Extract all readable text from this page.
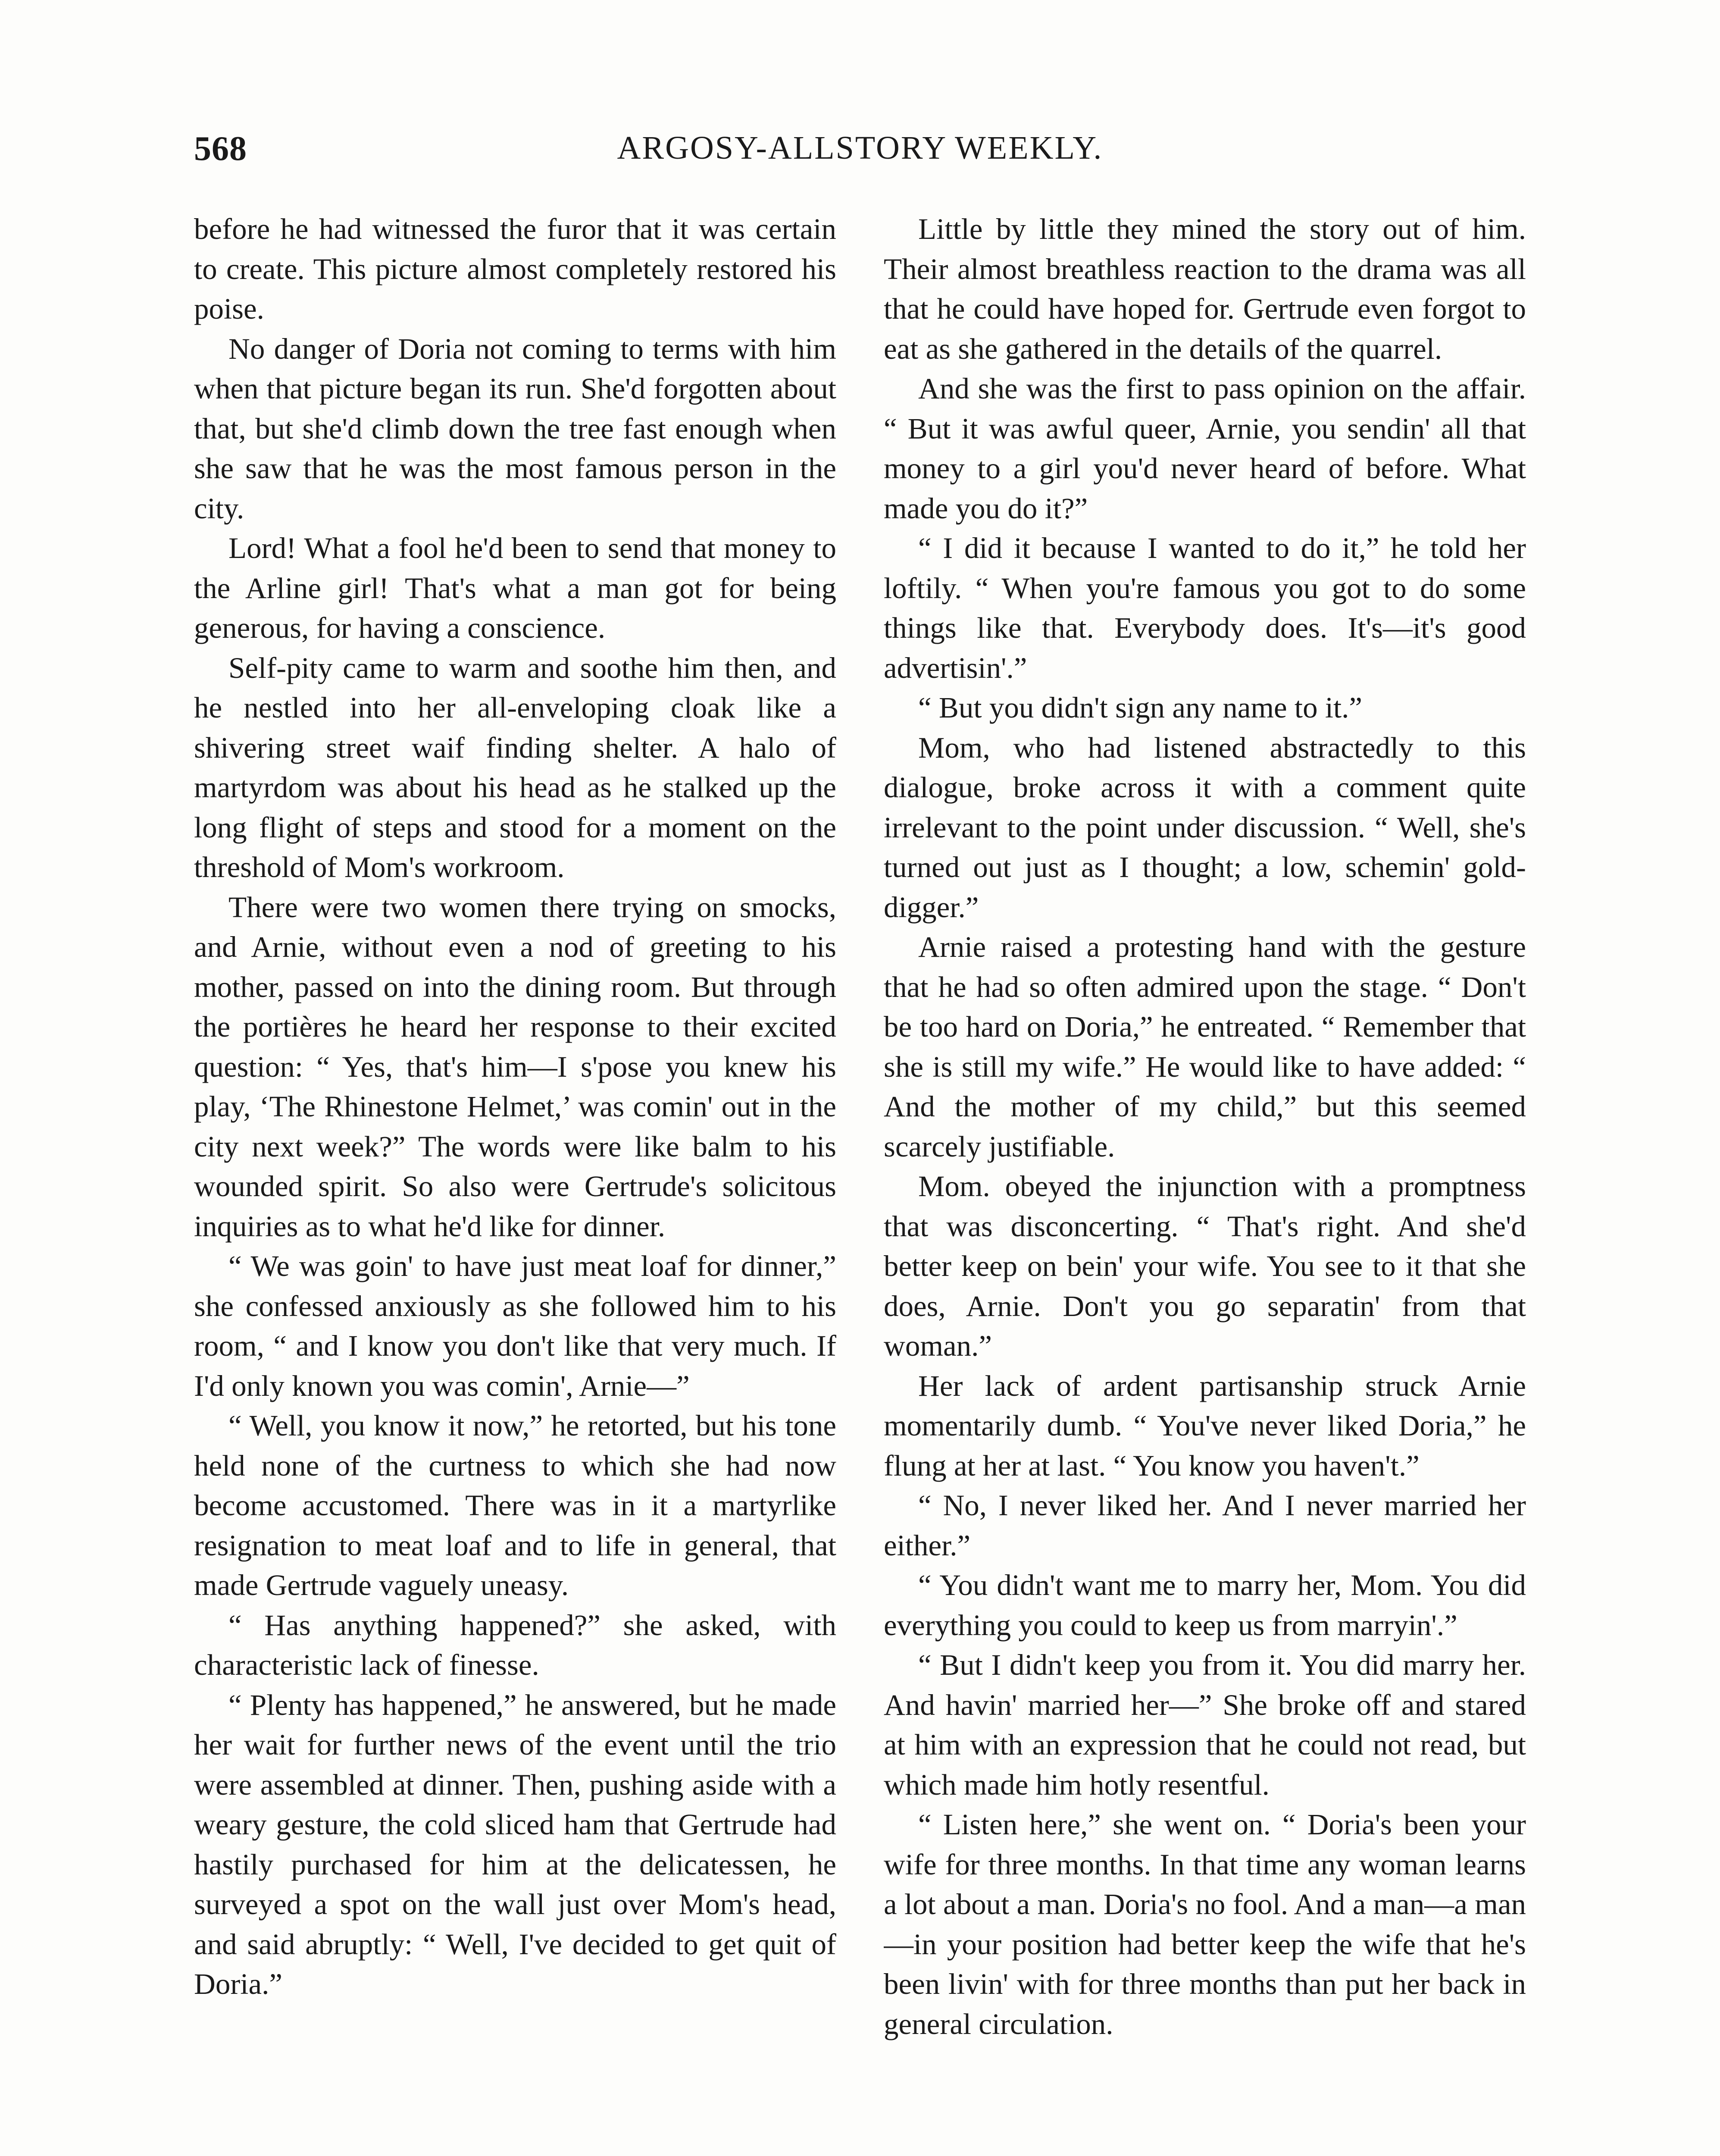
568	ARGOSY-ALLSTORY WEEKLY.

before he had witnessed the furor that it was certain to create. This picture almost completely restored his poise.

No danger of Doria not coming to terms with him when that picture began its run. She'd forgotten about that, but she'd climb down the tree fast enough when she saw that he was the most famous person in the city.

Lord! What a fool he'd been to send that money to the Arline girl! That's what a man got for being generous, for having a conscience.

Self-pity came to warm and soothe him then, and he nestled into her all-enveloping cloak like a shivering street waif finding shelter. A halo of martyrdom was about his head as he stalked up the long flight of steps and stood for a moment on the threshold of Mom's workroom.

There were two women there trying on smocks, and Arnie, without even a nod of greeting to his mother, passed on into the dining room. But through the portières he heard her response to their excited question: “ Yes, that's him—I s'pose you knew his play, ‘The Rhinestone Helmet,’ was comin' out in the city next week?” The words were like balm to his wounded spirit. So also were Gertrude's solicitous inquiries as to what he'd like for dinner.

“ We was goin' to have just meat loaf for dinner,” she confessed anxiously as she followed him to his room, “ and I know you don't like that very much. If I'd only known you was comin', Arnie—”

“ Well, you know it now,” he retorted, but his tone held none of the curtness to which she had now become accustomed. There was in it a martyrlike resignation to meat loaf and to life in general, that made Gertrude vaguely uneasy.

“ Has anything happened?” she asked, with characteristic lack of finesse.

“ Plenty has happened,” he answered, but he made her wait for further news of the event until the trio were assembled at dinner. Then, pushing aside with a weary gesture, the cold sliced ham that Gertrude had hastily purchased for him at the delicatessen, he surveyed a spot on the wall just over Mom's head, and said abruptly: “ Well, I've decided to get quit of Doria.”

Little by little they mined the story out of him. Their almost breathless reaction to the drama was all that he could have hoped for. Gertrude even forgot to eat as she gathered in the details of the quarrel.

And she was the first to pass opinion on the affair. “ But it was awful queer, Arnie, you sendin' all that money to a girl you'd never heard of before. What made you do it?”

“ I did it because I wanted to do it,” he told her loftily. “ When you're famous you got to do some things like that. Everybody does. It's—it's good advertisin'.”

“ But you didn't sign any name to it.”

Mom, who had listened abstractedly to this dialogue, broke across it with a comment quite irrelevant to the point under discussion. “ Well, she's turned out just as I thought; a low, schemin' gold-digger.”

Arnie raised a protesting hand with the gesture that he had so often admired upon the stage. “ Don't be too hard on Doria,” he entreated. “ Remember that she is still my wife.” He would like to have added: “ And the mother of my child,” but this seemed scarcely justifiable.

Mom. obeyed the injunction with a promptness that was disconcerting. “ That's right. And she'd better keep on bein' your wife. You see to it that she does, Arnie. Don't you go separatin' from that woman.”

Her lack of ardent partisanship struck Arnie momentarily dumb. “ You've never liked Doria,” he flung at her at last. “ You know you haven't.”

“ No, I never liked her. And I never married her either.”

“ You didn't want me to marry her, Mom. You did everything you could to keep us from marryin'.”

“ But I didn't keep you from it. You did marry her. And havin' married her—” She broke off and stared at him with an expression that he could not read, but which made him hotly resentful.

“ Listen here,” she went on. “ Doria's been your wife for three months. In that time any woman learns a lot about a man. Doria's no fool. And a man—a man—in your position had better keep the wife that he's been livin' with for three months than put her back in general circulation.
